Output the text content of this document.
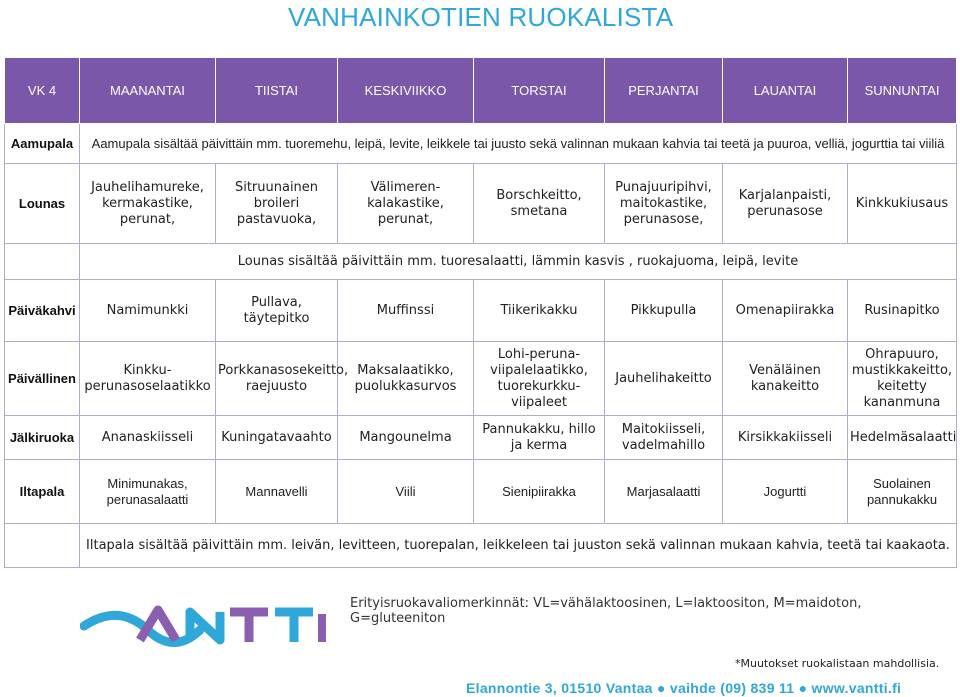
VANHAINKOTIEN RUOKALISTA
VK 4	MAANANTAI	TIISTAI	KESKIVIIKKO	TORSTAI	PERJANTAI	LAUANTAI	SUNNUNTAI
Aamupala	Aamupala sisältää päivittäin mm. tuoremehu, leipä, levite, leikkele tai juusto sekä valinnan mukaan kahvia tai teetä ja puuroa, velliä, jogurttia tai viiliä						
Lounas	Jauhelihamureke, kermakastike, perunat,	Sitruunainen broileri pastavuoka,	Välimeren-kalakastike, perunat,	Borschkeitto, smetana	Punajuuripihvi, maitokastike, perunasose,	Karjalanpaisti, perunasose	Kinkkukiusaus
	Lounas sisältää päivittäin mm. tuoresalaatti, lämmin kasvis , ruokajuoma, leipä, levite						
Päiväkahvi	Namimunkki	Pullava, täytepitko	Muffinssi	Tiikerikakku	Pikkupulla	Omenapiirakka	Rusinapitko
Päivällinen	Kinkku-perunasoselaatikko	Porkkanasosekeitto, raejuusto	Maksalaatikko, puolukkasurvos	Lohi-peruna-viipalelaatikko, tuorekurkku-viipaleet	Jauhelihakeitto	Venäläinen kanakeitto	Ohrapuuro, mustikkakeitto, keitetty kananmuna
Jälkiruoka	Ananaskiisseli	Kuningatavaahto	Mangounelma	Pannukakku, hillo ja kerma	Maitokiisseli, vadelmahillo	Kirsikkakiisseli	Hedelmäsalaatti
Iltapala	Minimunakas, perunasalaatti	Mannavelli	Viili	Sienipiirakka	Marjasalaatti	Jogurtti	Suolainen pannukakku
	Iltapala sisältää päivittäin mm. leivän, levitteen, tuorepalan, leikkeleen tai juuston sekä valinnan mukaan kahvia, teetä tai kaakaota.						
Erityisruokavaliomerkinnät: VL=vähälaktoosinen, L=laktoositon, M=maidoton, G=gluteeniton
*Muutokset ruokalistaan mahdollisia.
Elannontie 3, 01510 Vantaa ● vaihde (09) 839 11 ● www.vantti.fi
